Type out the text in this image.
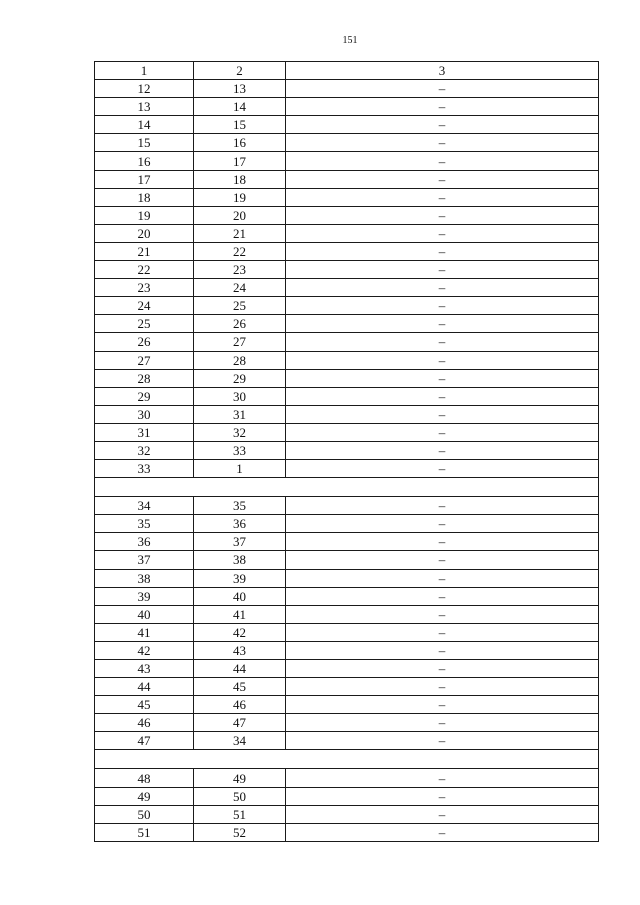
151
1	2	3
12	13	–
13	14	–
14	15	–
15	16	–
16	17	–
17	18	–
18	19	–
19	20	–
20	21	–
21	22	–
22	23	–
23	24	–
24	25	–
25	26	–
26	27	–
27	28	–
28	29	–
29	30	–
30	31	–
31	32	–
32	33	–
33	1	–

34	35	–
35	36	–
36	37	–
37	38	–
38	39	–
39	40	–
40	41	–
41	42	–
42	43	–
43	44	–
44	45	–
45	46	–
46	47	–
47	34	–

48	49	–
49	50	–
50	51	–
51	52	–
